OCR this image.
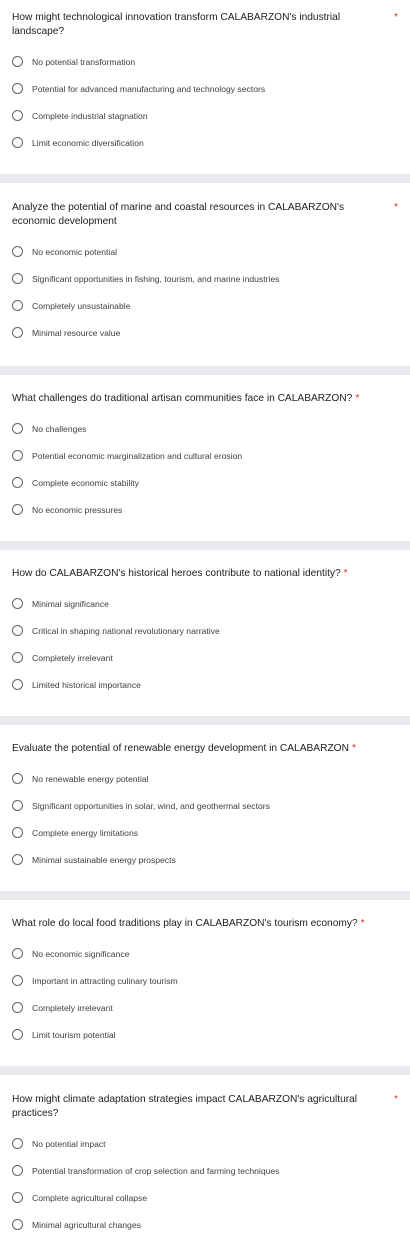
How might technological innovation transform CALABARZON's industrial landscape?
*

No potential transformation
Potential for advanced manufacturing and technology sectors
Complete industrial stagnation
Limit economic diversification

Analyze the potential of marine and coastal resources in CALABARZON's economic development
*

No economic potential
Significant opportunities in fishing, tourism, and marine industries
Completely unsustainable
Minimal resource value

What challenges do traditional artisan communities face in CALABARZON? *

No challenges
Potential economic marginalization and cultural erosion
Complete economic stability
No economic pressures

How do CALABARZON's historical heroes contribute to national identity? *

Minimal significance
Critical in shaping national revolutionary narrative
Completely irrelevant
Limited historical importance

Evaluate the potential of renewable energy development in CALABARZON *

No renewable energy potential
Significant opportunities in solar, wind, and geothermal sectors
Complete energy limitations
Minimal sustainable energy prospects

What role do local food traditions play in CALABARZON's tourism economy? *

No economic significance
Important in attracting culinary tourism
Completely irrelevant
Limit tourism potential

How might climate adaptation strategies impact CALABARZON's agricultural practices?
*

No potential impact
Potential transformation of crop selection and farming techniques
Complete agricultural collapse
Minimal agricultural changes
